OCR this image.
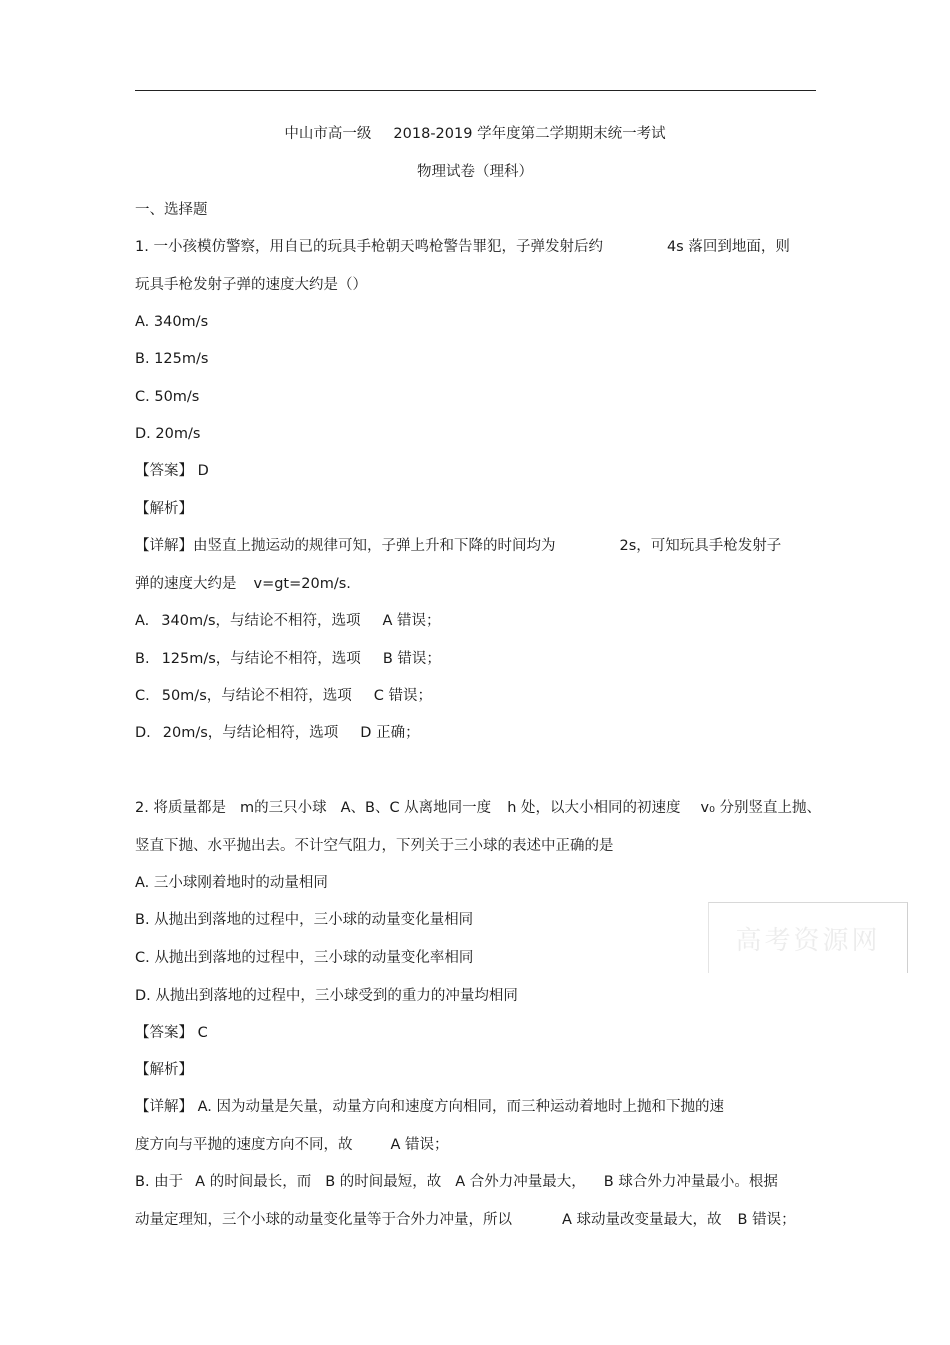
中山市高一级 2018-2019 学年度第二学期期末统一考试
物理试卷（理科）
一、选择题
1. 一小孩模仿警察，用自已的玩具手枪朝天鸣枪警告罪犯，子弹发射后约	4s 落回到地面，则
玩具手枪发射子弹的速度大约是（）
A. 340m/s
B. 125m/s
C. 50m/s
D. 20m/s
【答案】 D
【解析】
【详解】由竖直上抛运动的规律可知，子弹上升和下降的时间均为	2s，可知玩具手枪发射子
弹的速度大约是 v=gt=20m/s.
A. 340m/s，与结论不相符，选项 A 错误；
B. 125m/s，与结论不相符，选项 B 错误；
C. 50m/s，与结论不相符，选项 C 错误；
D. 20m/s，与结论相符，选项 D 正确；
2. 将质量都是 m的三只小球 A、B、C 从离地同一度 h 处，以大小相同的初速度 v₀ 分别竖直上抛、
竖直下抛、水平抛出去。不计空气阻力，下列关于三小球的表述中正确的是
A. 三小球刚着地时的动量相同
B. 从抛出到落地的过程中，三小球的动量变化量相同
C. 从抛出到落地的过程中，三小球的动量变化率相同
D. 从抛出到落地的过程中，三小球受到的重力的冲量均相同
【答案】 C
【解析】
【详解】 A. 因为动量是矢量，动量方向和速度方向相同，而三种运动着地时上抛和下抛的速
度方向与平抛的速度方向不同，故	A 错误；
B. 由于 A 的时间最长，而 B 的时间最短，故 A 合外力冲量最大， B 球合外力冲量最小。根据
动量定理知，三个小球的动量变化量等于合外力冲量，所以	A 球动量改变量最大，故 B 错误；
高考资源网
